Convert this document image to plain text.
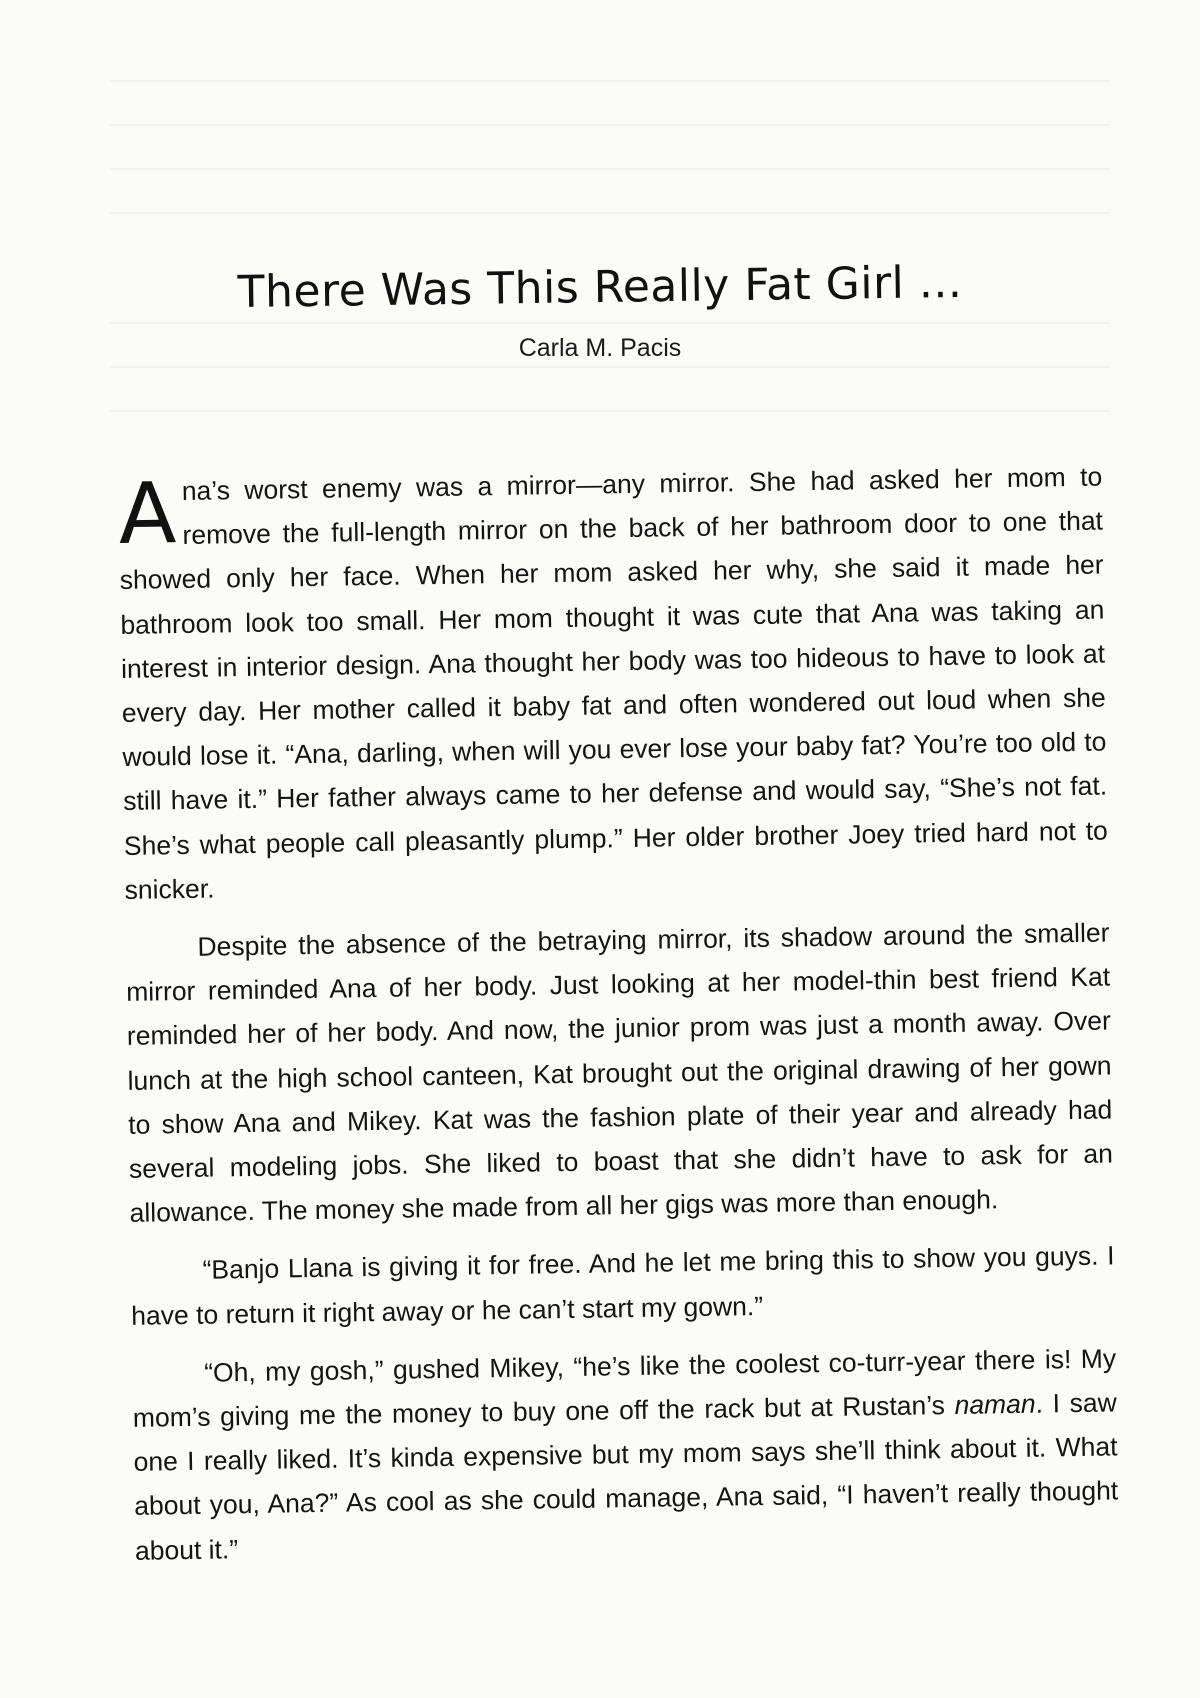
There Was This Really Fat Girl ...
Carla M. Pacis

Ana’s worst enemy was a mirror—any mirror. She had asked her mom to remove the full-length mirror on the back of her bathroom door to one that showed only her face. When her mom asked her why, she said it made her bathroom look too small. Her mom thought it was cute that Ana was taking an interest in interior design. Ana thought her body was too hideous to have to look at every day. Her mother called it baby fat and often wondered out loud when she would lose it. “Ana, darling, when will you ever lose your baby fat? You’re too old to still have it.” Her father always came to her defense and would say, “She’s not fat. She’s what people call pleasantly plump.” Her older brother Joey tried hard not to snicker.

Despite the absence of the betraying mirror, its shadow around the smaller mirror reminded Ana of her body. Just looking at her model-thin best friend Kat reminded her of her body. And now, the junior prom was just a month away. Over lunch at the high school canteen, Kat brought out the original drawing of her gown to show Ana and Mikey. Kat was the fashion plate of their year and already had several modeling jobs. She liked to boast that she didn’t have to ask for an allowance. The money she made from all her gigs was more than enough.

“Banjo Llana is giving it for free. And he let me bring this to show you guys. I have to return it right away or he can’t start my gown.”

“Oh, my gosh,” gushed Mikey, “he’s like the coolest co-turr-year there is! My mom’s giving me the money to buy one off the rack but at Rustan’s naman. I saw one I really liked. It’s kinda expensive but my mom says she’ll think about it. What about you, Ana?” As cool as she could manage, Ana said, “I haven’t really thought about it.”
